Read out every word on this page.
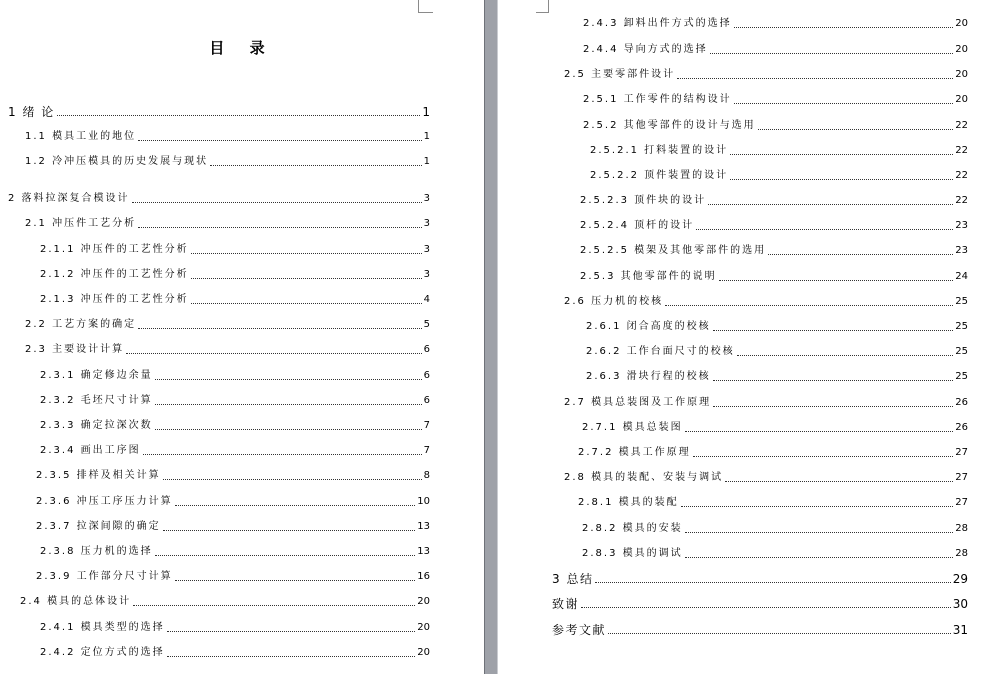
目 录
1 绪 论	1
1.1 模具工业的地位	1
1.2 冷冲压模具的历史发展与现状	1
2 落料拉深复合模设计	3
2.1 冲压件工艺分析	3
2.1.1 冲压件的工艺性分析	3
2.1.2 冲压件的工艺性分析	3
2.1.3 冲压件的工艺性分析	4
2.2 工艺方案的确定	5
2.3 主要设计计算	6
2.3.1 确定修边余量	6
2.3.2 毛坯尺寸计算	6
2.3.3 确定拉深次数	7
2.3.4 画出工序图	7
2.3.5 排样及相关计算	8
2.3.6 冲压工序压力计算	10
2.3.7 拉深间隙的确定	13
2.3.8 压力机的选择	13
2.3.9 工作部分尺寸计算	16
2.4 模具的总体设计	20
2.4.1 模具类型的选择	20
2.4.2 定位方式的选择	20
2.4.3 卸料出件方式的选择	20
2.4.4 导向方式的选择	20
2.5 主要零部件设计	20
2.5.1 工作零件的结构设计	20
2.5.2 其他零部件的设计与选用	22
2.5.2.1 打料装置的设计	22
2.5.2.2 顶件装置的设计	22
2.5.2.3 顶件块的设计	22
2.5.2.4 顶杆的设计	23
2.5.2.5 模架及其他零部件的选用	23
2.5.3 其他零部件的说明	24
2.6 压力机的校核	25
2.6.1 闭合高度的校核	25
2.6.2 工作台面尺寸的校核	25
2.6.3 滑块行程的校核	25
2.7 模具总装图及工作原理	26
2.7.1 模具总装图	26
2.7.2 模具工作原理	27
2.8 模具的装配、安装与调试	27
2.8.1 模具的装配	27
2.8.2 模具的安装	28
2.8.3 模具的调试	28
3 总结	29
致谢	30
参考文献	31
